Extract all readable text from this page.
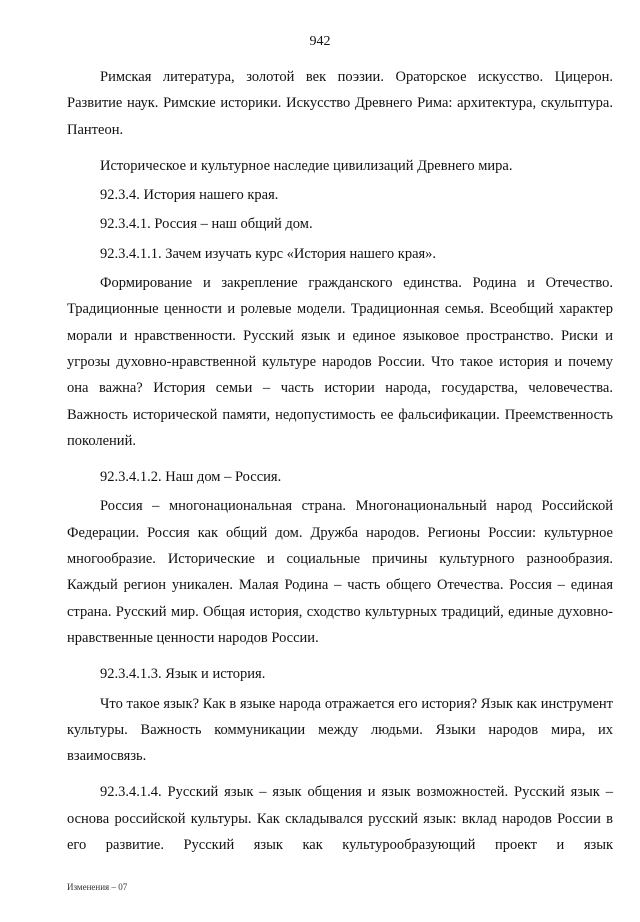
942

Римская литература, золотой век поэзии. Ораторское искусство. Цицерон. Развитие наук. Римские историки. Искусство Древнего Рима: архитектура, скульптура. Пантеон.

Историческое и культурное наследие цивилизаций Древнего мира.

92.3.4. История нашего края.

92.3.4.1. Россия – наш общий дом.

92.3.4.1.1. Зачем изучать курс «История нашего края».

Формирование и закрепление гражданского единства. Родина и Отечество. Традиционные ценности и ролевые модели. Традиционная семья. Всеобщий характер морали и нравственности. Русский язык и единое языковое пространство. Риски и угрозы духовно-нравственной культуре народов России. Что такое история и почему она важна? История семьи – часть истории народа, государства, человечества. Важность исторической памяти, недопустимость ее фальсификации. Преемственность поколений.

92.3.4.1.2. Наш дом – Россия.

Россия – многонациональная страна. Многонациональный народ Российской Федерации. Россия как общий дом. Дружба народов. Регионы России: культурное многообразие. Исторические и социальные причины культурного разнообразия. Каждый регион уникален. Малая Родина – часть общего Отечества. Россия – единая страна. Русский мир. Общая история, сходство культурных традиций, единые духовно-нравственные ценности народов России.

92.3.4.1.3. Язык и история.

Что такое язык? Как в языке народа отражается его история? Язык как инструмент культуры. Важность коммуникации между людьми. Языки народов мира, их взаимосвязь.

92.3.4.1.4. Русский язык – язык общения и язык возможностей. Русский язык – основа российской культуры. Как складывался русский язык: вклад народов России в его развитие. Русский язык как культурообразующий проект и язык

Изменения – 07
